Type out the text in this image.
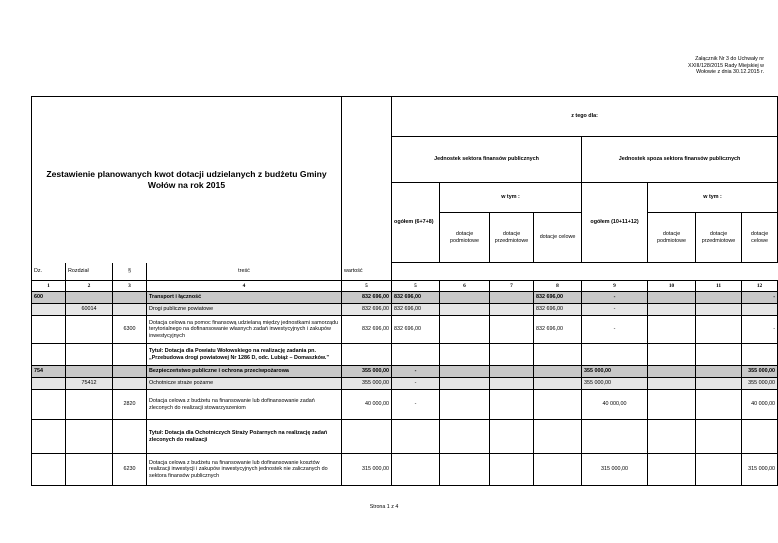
Załącznik Nr 3 do Uchwały nr
XXIII/128/2015 Rady Miejskiej w
Wołowie z dnia 30.12.2015 r.
Zestawienie planowanych kwot dotacji udzielanych z budżetu Gminy Wołów na rok 2015					z tego dla:							
					Jednostek sektora finansów publicznych				Jednostek spoza sektora finansów publicznych			
					ogółem (6+7+8)	w tym :			ogółem (10+11+12)	w tym :		
						dotacje podmiotowe	dotacje przedmiotowe	dotacje celowe		dotacje podmiotowe	dotacje przedmiotowe	dotacje celowe

Dz.	Rozdział	§	treść	wartość								
1	2	3	4	5	5	6	7	8	9	10	11	12
600			Transport i łączność	832 696,00	832 696,00			832 696,00	-			-
	60014		Drogi publiczne powiatowe	832 696,00	832 696,00			832 696,00	-			
		6300	Dotacja celowa na pomoc finansową udzielaną między jednostkami samorządu terytorialnego na dofinansowanie własnych zadań inwestycyjnych i zakupów inwestycyjnych	832 696,00	832 696,00			832 696,00	-			-
			Tytuł: Dotacja dla Powiatu Wołowskiego na realizację zadania pn. „Przebudowa drogi powiatowej Nr 1286 D, odc. Lubiąż – Domaszków.”									
754			Bezpieczeństwo publiczne i ochrona przeciwpożarowa	355 000,00	-				355 000,00			355 000,00
	75412		Ochotnicze straże pożarne	355 000,00	-				355 000,00			355 000,00
		2820	Dotacja celowa z budżetu na finansowanie lub dofinansowanie zadań zleconych do realizacji stowarzyszeniom	40 000,00	-				40 000,00			40 000,00
			Tytuł: Dotacja dla Ochotniczych Straży Pożarnych na realizację zadań zleconych do realizacji									
		6230	Dotacja celowa z budżetu na finansowanie lub dofinansowanie kosztów realizacji inwestycji i zakupów inwestycyjnych jednostek nie zaliczanych do sektora finansów publicznych	315 000,00					315 000,00			315 000,00
Strona 1 z 4
